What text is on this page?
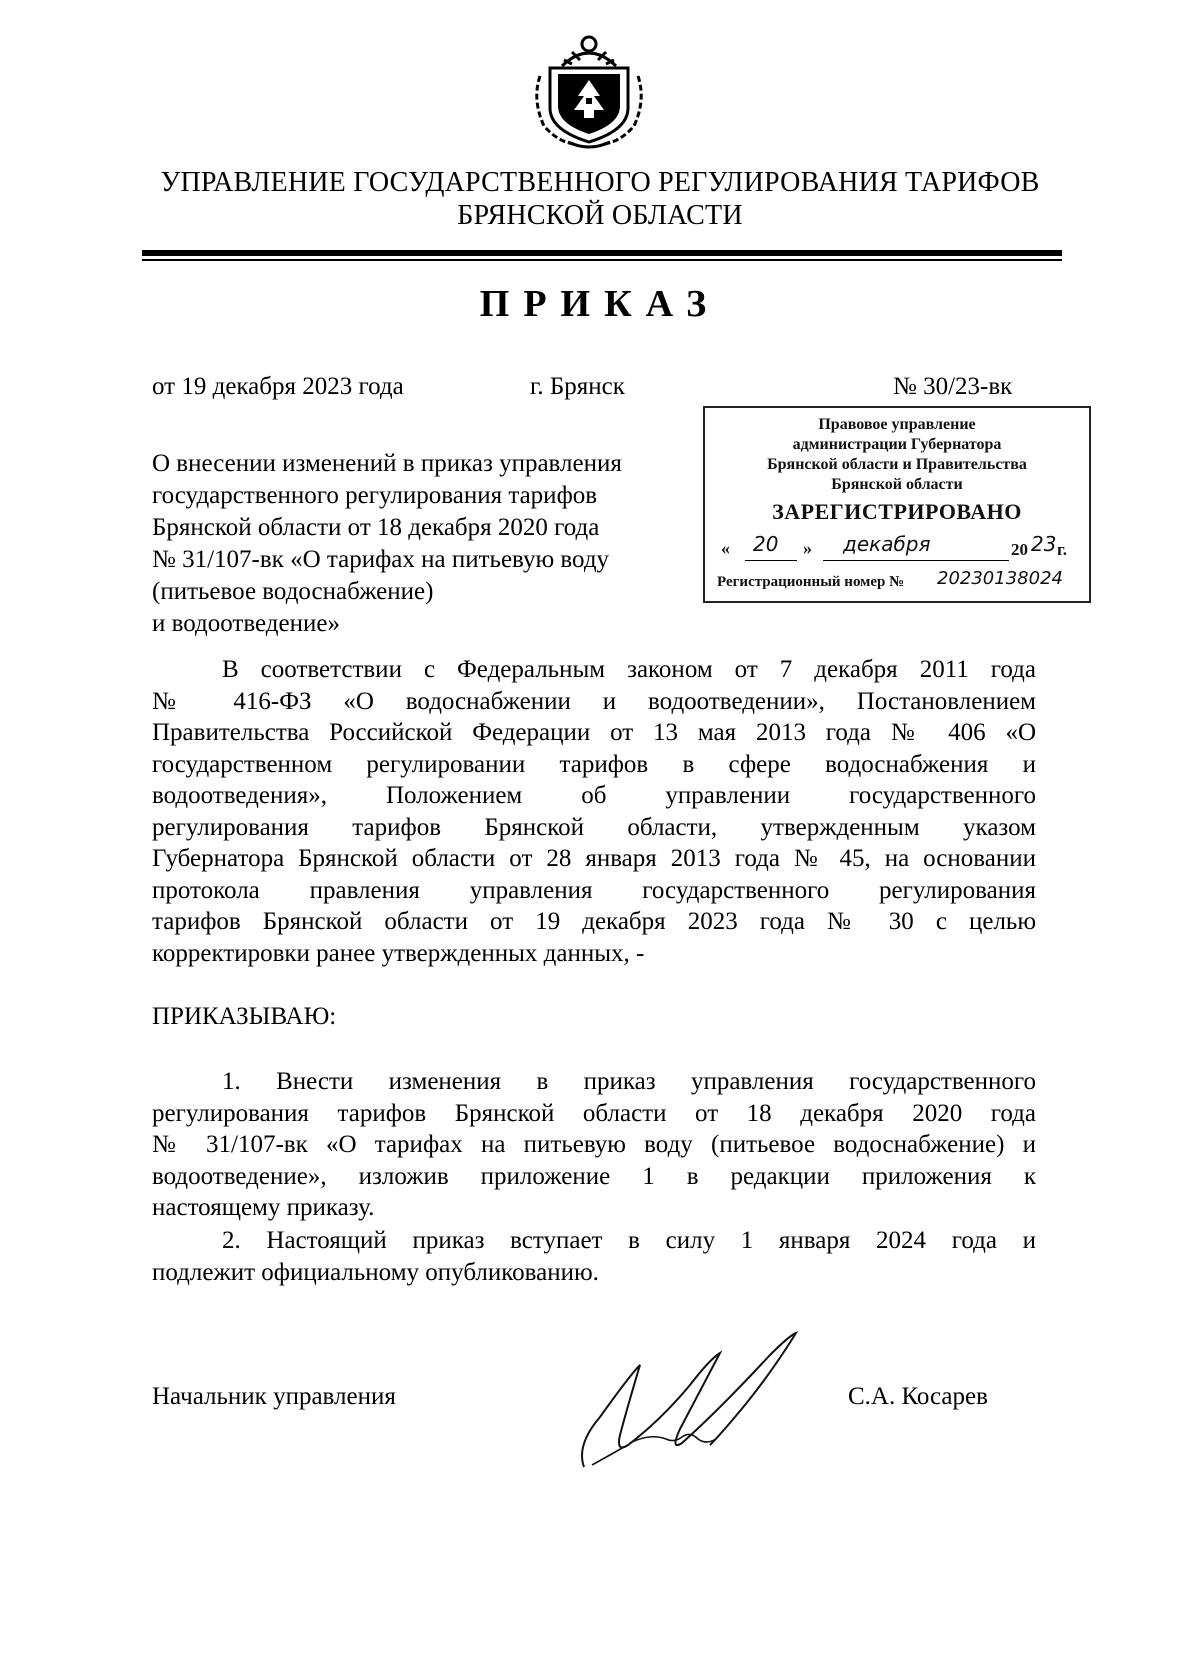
УПРАВЛЕНИЕ ГОСУДАРСТВЕННОГО РЕГУЛИРОВАНИЯ ТАРИФОВ
БРЯНСКОЙ ОБЛАСТИ
ПРИКАЗ
от 19 декабря 2023 года	г. Брянск	№ 30/23-вк
О внесении изменений в приказ управления
государственного регулирования тарифов
Брянской области от 18 декабря 2020 года
№ 31/107-вк «О тарифах на питьевую воду
(питьевое водоснабжение)
и водоотведение»
Правовое управление
администрации Губернатора
Брянской области и Правительства
Брянской области
ЗАРЕГИСТРИРОВАНО
« 20 » декабря	20 23 г.
Регистрационный номер № 20230138024
В соответствии с Федеральным законом от 7 декабря 2011 года
№ 416-ФЗ «О водоснабжении и водоотведении», Постановлением
Правительства Российской Федерации от 13 мая 2013 года № 406 «О
государственном регулировании тарифов в сфере водоснабжения и
водоотведения», Положением об управлении государственного
регулирования тарифов Брянской области, утвержденным указом
Губернатора Брянской области от 28 января 2013 года № 45, на основании
протокола правления управления государственного регулирования
тарифов Брянской области от 19 декабря 2023 года № 30 с целью
корректировки ранее утвержденных данных, -
ПРИКАЗЫВАЮ:
1. Внести изменения в приказ управления государственного
регулирования тарифов Брянской области от 18 декабря 2020 года
№ 31/107-вк «О тарифах на питьевую воду (питьевое водоснабжение) и
водоотведение», изложив приложение 1 в редакции приложения к
настоящему приказу.
2. Настоящий приказ вступает в силу 1 января 2024 года и
подлежит официальному опубликованию.
Начальник управления	С.А. Косарев
